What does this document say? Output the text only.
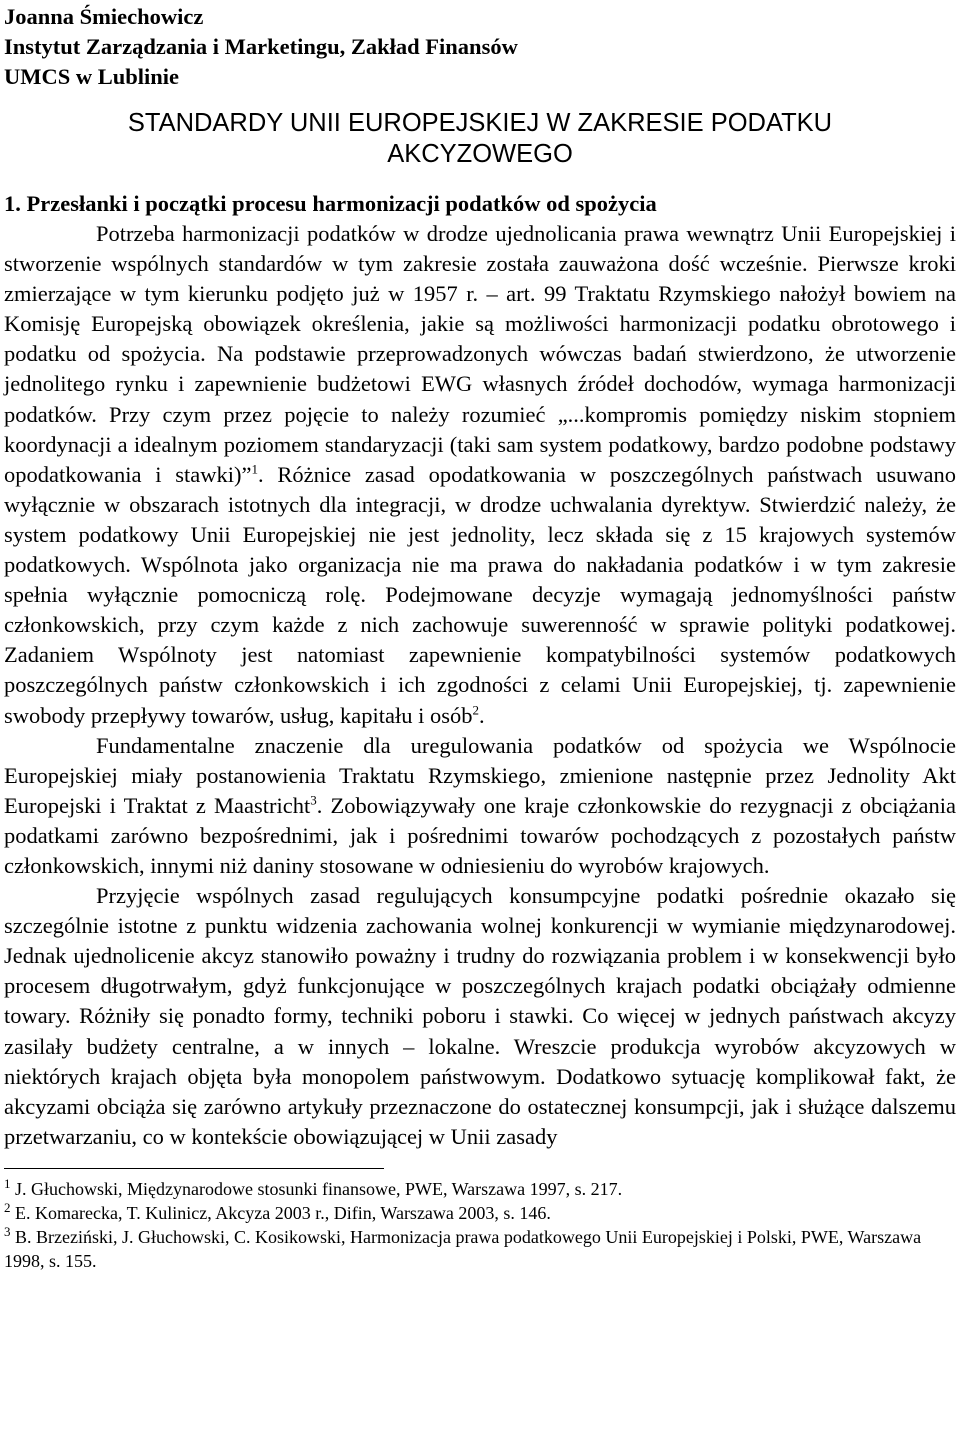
Joanna Śmiechowicz
Instytut Zarządzania i Marketingu, Zakład Finansów
UMCS w Lublinie
STANDARDY UNII EUROPEJSKIEJ W ZAKRESIE PODATKU AKCYZOWEGO
1. Przesłanki i początki procesu harmonizacji podatków od spożycia

Potrzeba harmonizacji podatków w drodze ujednolicania prawa wewnątrz Unii Europejskiej i stworzenie wspólnych standardów w tym zakresie została zauważona dość wcześnie. Pierwsze kroki zmierzające w tym kierunku podjęto już w 1957 r. – art. 99 Traktatu Rzymskiego nałożył bowiem na Komisję Europejską obowiązek określenia, jakie są możliwości harmonizacji podatku obrotowego i podatku od spożycia. Na podstawie przeprowadzonych wówczas badań stwierdzono, że utworzenie jednolitego rynku i zapewnienie budżetowi EWG własnych źródeł dochodów, wymaga harmonizacji podatków. Przy czym przez pojęcie to należy rozumieć „...kompromis pomiędzy niskim stopniem koordynacji a idealnym poziomem standaryzacji (taki sam system podatkowy, bardzo podobne podstawy opodatkowania i stawki)”$^1$. Różnice zasad opodatkowania w poszczególnych państwach usuwano wyłącznie w obszarach istotnych dla integracji, w drodze uchwalania dyrektyw. Stwierdzić należy, że system podatkowy Unii Europejskiej nie jest jednolity, lecz składa się z 15 krajowych systemów podatkowych. Wspólnota jako organizacja nie ma prawa do nakładania podatków i w tym zakresie spełnia wyłącznie pomocniczą rolę. Podejmowane decyzje wymagają jednomyślności państw członkowskich, przy czym każde z nich zachowuje suwerenność w sprawie polityki podatkowej. Zadaniem Wspólnoty jest natomiast zapewnienie kompatybilności systemów podatkowych poszczególnych państw członkowskich i ich zgodności z celami Unii Europejskiej, tj. zapewnienie swobody przepływy towarów, usług, kapitału i osób$^2$.

Fundamentalne znaczenie dla uregulowania podatków od spożycia we Wspólnocie Europejskiej miały postanowienia Traktatu Rzymskiego, zmienione następnie przez Jednolity Akt Europejski i Traktat z Maastricht$^3$. Zobowiązywały one kraje członkowskie do rezygnacji z obciążania podatkami zarówno bezpośrednimi, jak i pośrednimi towarów pochodzących z pozostałych państw członkowskich, innymi niż daniny stosowane w odniesieniu do wyrobów krajowych.

Przyjęcie wspólnych zasad regulujących konsumpcyjne podatki pośrednie okazało się szczególnie istotne z punktu widzenia zachowania wolnej konkurencji w wymianie międzynarodowej. Jednak ujednolicenie akcyz stanowiło poważny i trudny do rozwiązania problem i w konsekwencji było procesem długotrwałym, gdyż funkcjonujące w poszczególnych krajach podatki obciążały odmienne towary. Różniły się ponadto formy, techniki poboru i stawki. Co więcej w jednych państwach akcyzy zasilały budżety centralne, a w innych – lokalne. Wreszcie produkcja wyrobów akcyzowych w niektórych krajach objęta była monopolem państwowym. Dodatkowo sytuację komplikował fakt, że akcyzami obciąża się zarówno artykuły przeznaczone do ostatecznej konsumpcji, jak i służące dalszemu przetwarzaniu, co w kontekście obowiązującej w Unii zasady

$^1$ J. Głuchowski, Międzynarodowe stosunki finansowe, PWE, Warszawa 1997, s. 217.

$^2$ E. Komarecka, T. Kulinicz, Akcyza 2003 r., Difin, Warszawa 2003, s. 146.

$^3$ B. Brzeziński, J. Głuchowski, C. Kosikowski, Harmonizacja prawa podatkowego Unii Europejskiej i Polski, PWE, Warszawa 1998, s. 155.
